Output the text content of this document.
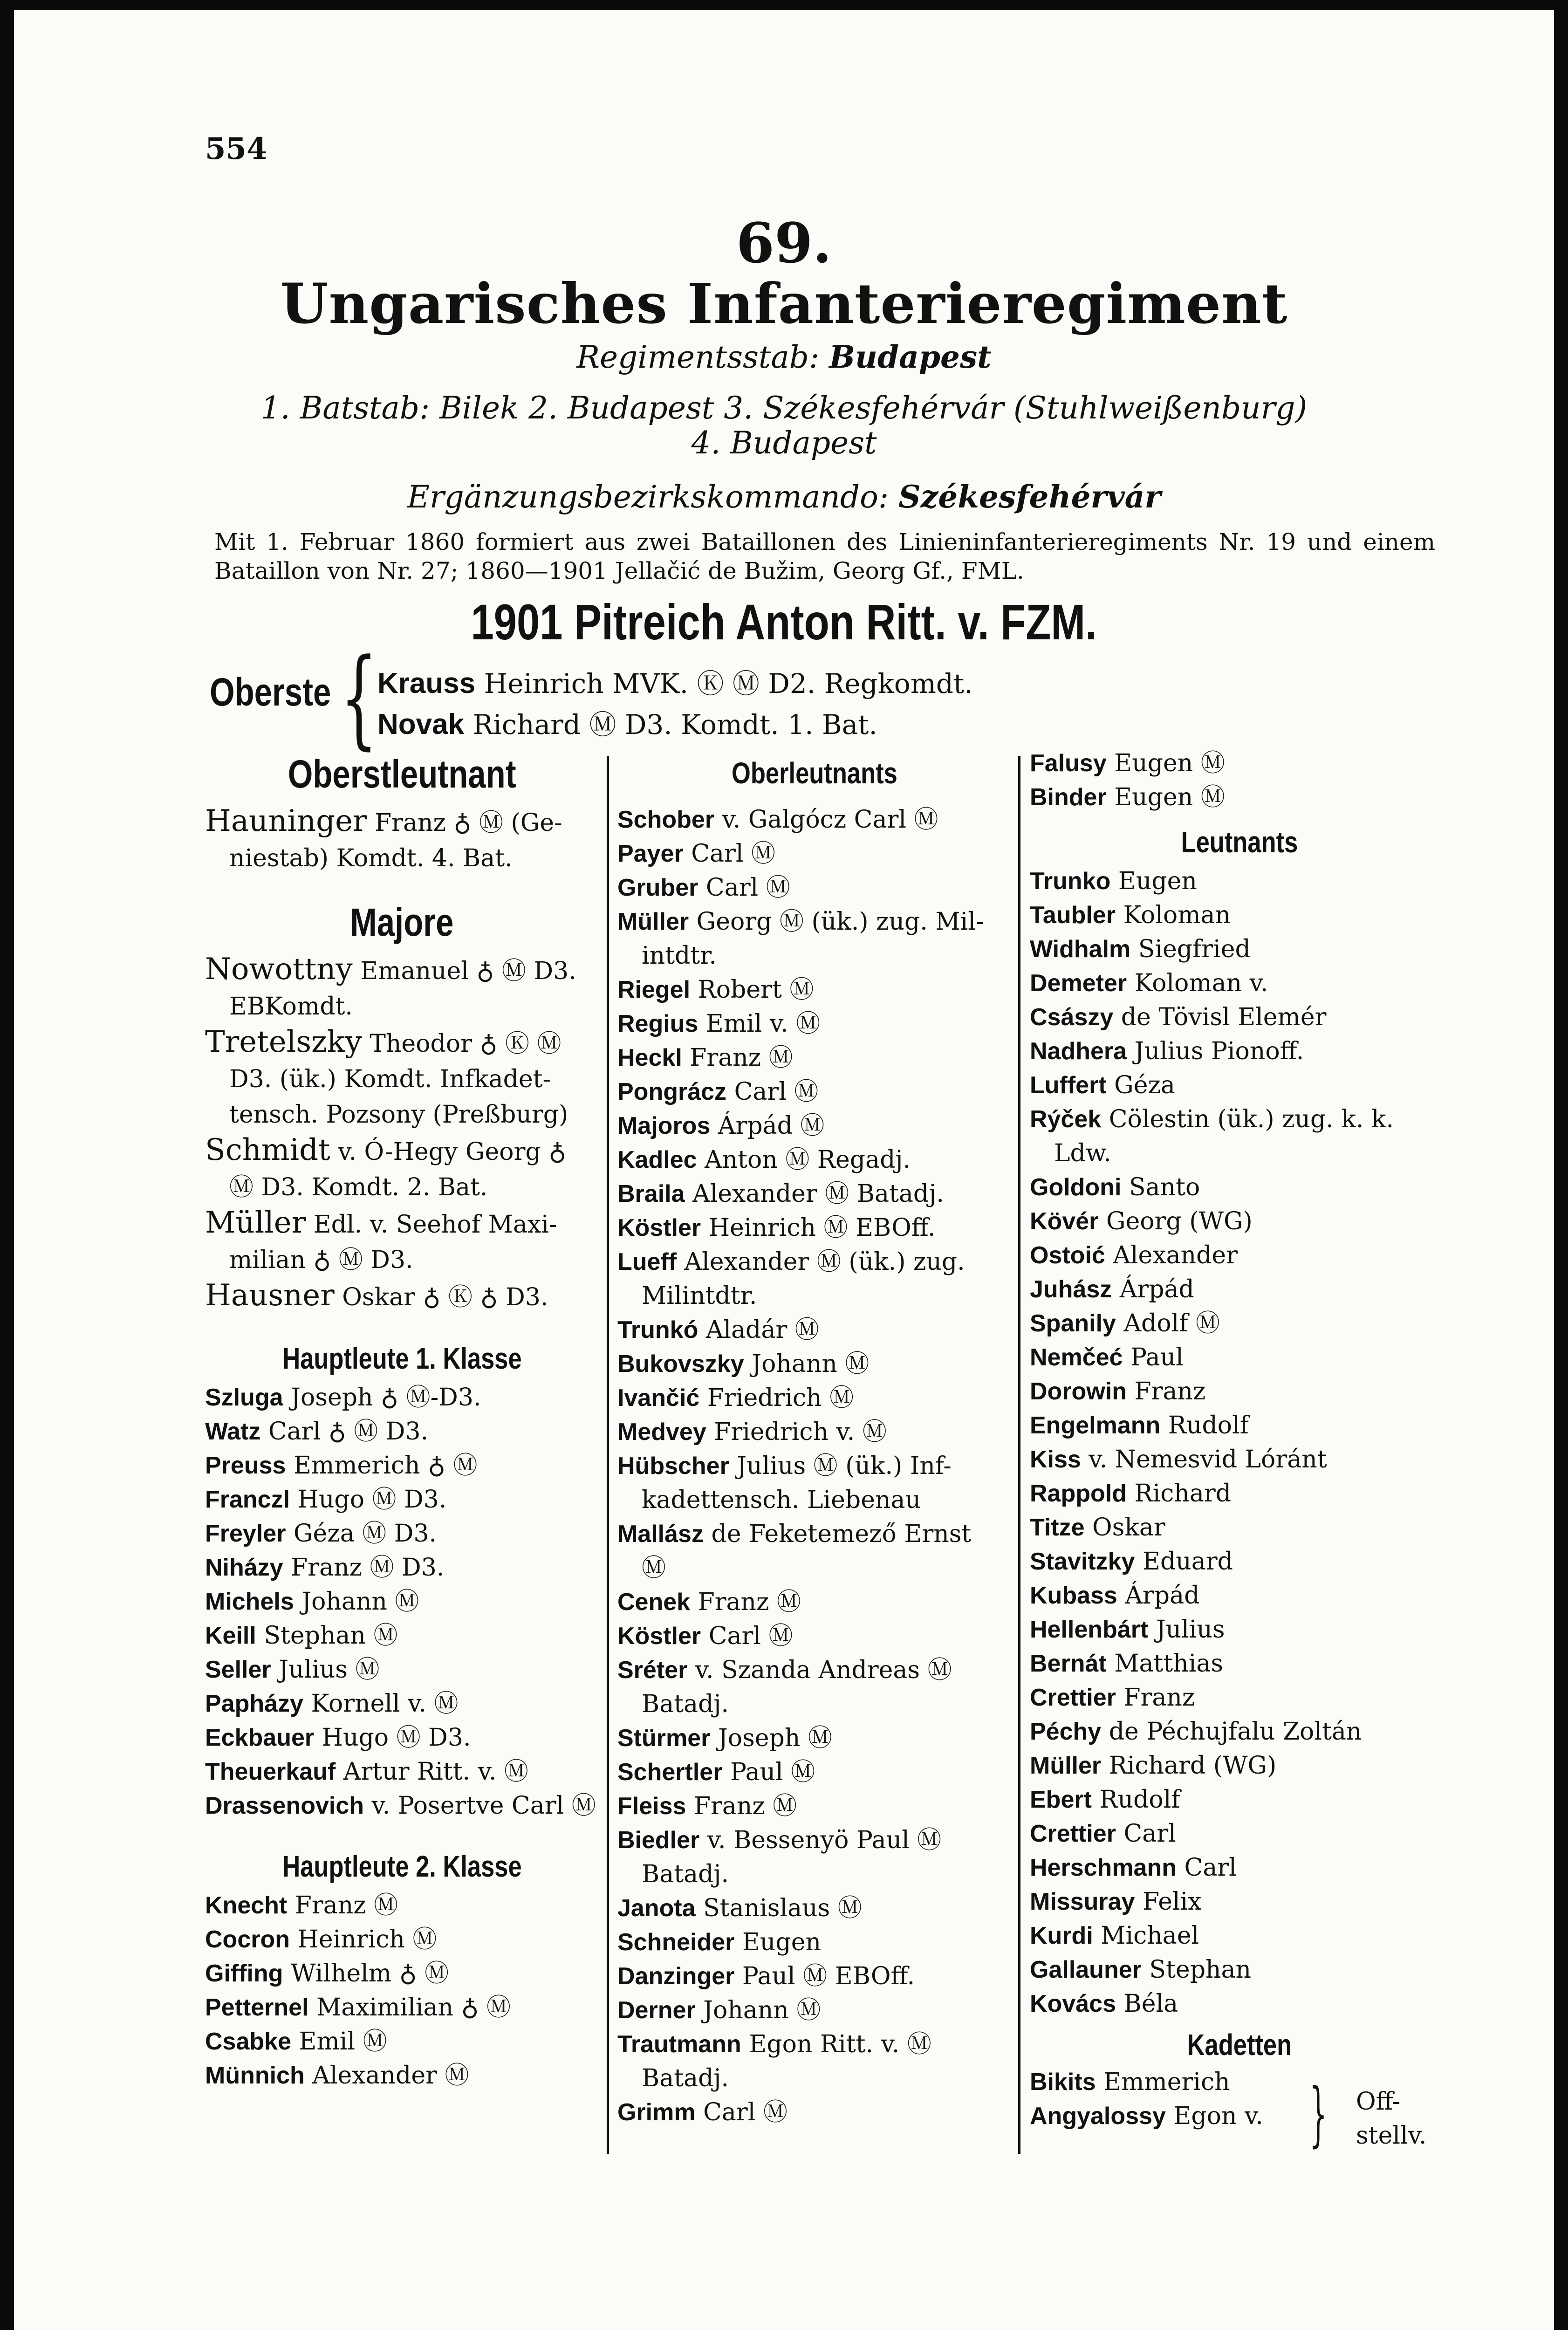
554
69.
Ungarisches Infanterieregiment
Regimentsstab: Budapest
1. Batstab: Bilek 2. Budapest 3. Székesfehérvár (Stuhlweißenburg)
4. Budapest
Ergänzungsbezirkskommando: Székesfehérvár
Mit 1. Februar 1860 formiert aus zwei Bataillonen des Linieninfanterieregiments Nr. 19 und einem Bataillon von Nr. 27; 1860—1901 Jellačić de Bužim, Georg Gf., FML.
1901 Pitreich Anton Ritt. v. FZM.
Oberste { Krauss Heinrich MVK. Ⓚ Ⓜ D2. Regkomdt.
Novak Richard Ⓜ D3. Komdt. 1. Bat.
Oberstleutnant
Hauninger Franz ♁ Ⓜ (Ge-
niestab) Komdt. 4. Bat.
Majore
Nowottny Emanuel ♁ Ⓜ D3.
EBKomdt.
Tretelszky Theodor ♁ Ⓚ Ⓜ
D3. (ük.) Komdt. Infkadet-
tensch. Pozsony (Preßburg)
Schmidt v. Ó-Hegy Georg ♁
Ⓜ D3. Komdt. 2. Bat.
Müller Edl. v. Seehof Maxi-
milian ♁ Ⓜ D3.
Hausner Oskar ♁ Ⓚ ♁ D3.
Hauptleute 1. Klasse
Szluga Joseph ♁ Ⓜ-D3.
Watz Carl ♁ Ⓜ D3.
Preuss Emmerich ♁ Ⓜ
Franczl Hugo Ⓜ D3.
Freyler Géza Ⓜ D3.
Niházy Franz Ⓜ D3.
Michels Johann Ⓜ
Keill Stephan Ⓜ
Seller Julius Ⓜ
Papházy Kornell v. Ⓜ
Eckbauer Hugo Ⓜ D3.
Theuerkauf Artur Ritt. v. Ⓜ
Drassenovich v. Posertve Carl Ⓜ
Hauptleute 2. Klasse
Knecht Franz Ⓜ
Cocron Heinrich Ⓜ
Giffing Wilhelm ♁ Ⓜ
Petternel Maximilian ♁ Ⓜ
Csabke Emil Ⓜ
Münnich Alexander Ⓜ
Oberleutnants
Schober v. Galgócz Carl Ⓜ
Payer Carl Ⓜ
Gruber Carl Ⓜ
Müller Georg Ⓜ (ük.) zug. Mil-
intdtr.
Riegel Robert Ⓜ
Regius Emil v. Ⓜ
Heckl Franz Ⓜ
Pongrácz Carl Ⓜ
Majoros Árpád Ⓜ
Kadlec Anton Ⓜ Regadj.
Braila Alexander Ⓜ Batadj.
Köstler Heinrich Ⓜ EBOff.
Lueff Alexander Ⓜ (ük.) zug.
Milintdtr.
Trunkó Aladár Ⓜ
Bukovszky Johann Ⓜ
Ivančić Friedrich Ⓜ
Medvey Friedrich v. Ⓜ
Hübscher Julius Ⓜ (ük.) Inf-
kadettensch. Liebenau
Mallász de Feketemező Ernst
Ⓜ
Cenek Franz Ⓜ
Köstler Carl Ⓜ
Sréter v. Szanda Andreas Ⓜ
Batadj.
Stürmer Joseph Ⓜ
Schertler Paul Ⓜ
Fleiss Franz Ⓜ
Biedler v. Bessenyö Paul Ⓜ
Batadj.
Janota Stanislaus Ⓜ
Schneider Eugen
Danzinger Paul Ⓜ EBOff.
Derner Johann Ⓜ
Trautmann Egon Ritt. v. Ⓜ
Batadj.
Grimm Carl Ⓜ
Falusy Eugen Ⓜ
Binder Eugen Ⓜ
Leutnants
Trunko Eugen
Taubler Koloman
Widhalm Siegfried
Demeter Koloman v.
Császy de Tövisl Elemér
Nadhera Julius Pionoff.
Luffert Géza
Rýček Cölestin (ük.) zug. k. k.
Ldw.
Goldoni Santo
Kövér Georg (WG)
Ostoić Alexander
Juhász Árpád
Spanily Adolf Ⓜ
Nemčeć Paul
Dorowin Franz
Engelmann Rudolf
Kiss v. Nemesvid Lóránt
Rappold Richard
Titze Oskar
Stavitzky Eduard
Kubass Árpád
Hellenbárt Julius
Bernát Matthias
Crettier Franz
Péchy de Péchujfalu Zoltán
Müller Richard (WG)
Ebert Rudolf
Crettier Carl
Herschmann Carl
Missuray Felix
Kurdi Michael
Gallauner Stephan
Kovács Béla
Kadetten
Bikits Emmerich
Angyalossy Egon v. } Off-
stellv.
